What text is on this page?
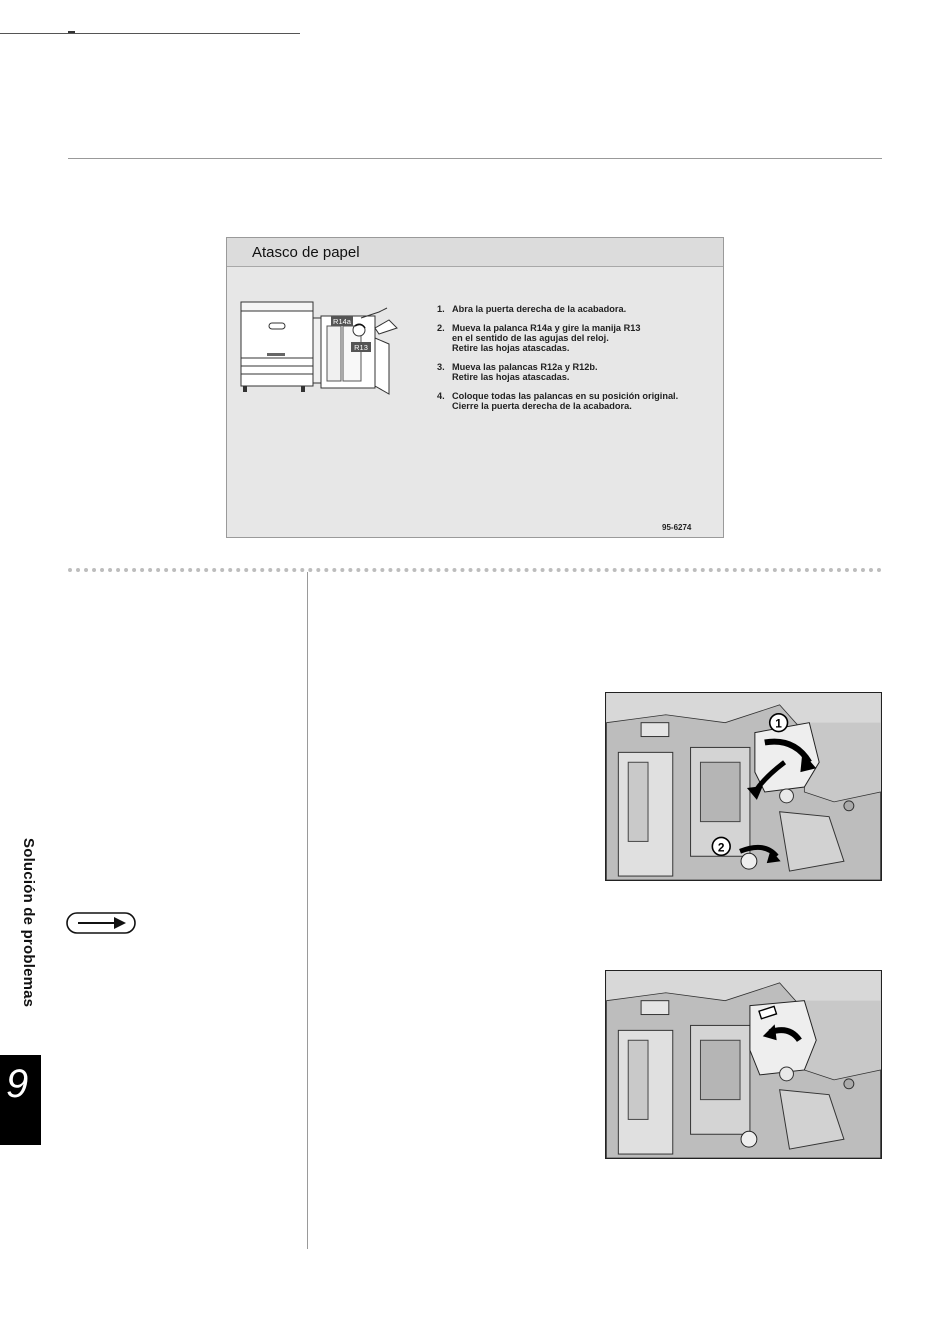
Atasco de papel
R14a
R13
1. Abra la puerta derecha de la acabadora.
2. Mueva la palanca R14a y gire la manija R13
en el sentido de las agujas del reloj.
Retire las hojas atascadas.
3. Mueva las palancas R12a y R12b.
Retire las hojas atascadas.
4. Coloque todas las palancas en su posición original.
Cierre la puerta derecha de la acabadora.
95-6274
Solución de problemas
9
1
2
